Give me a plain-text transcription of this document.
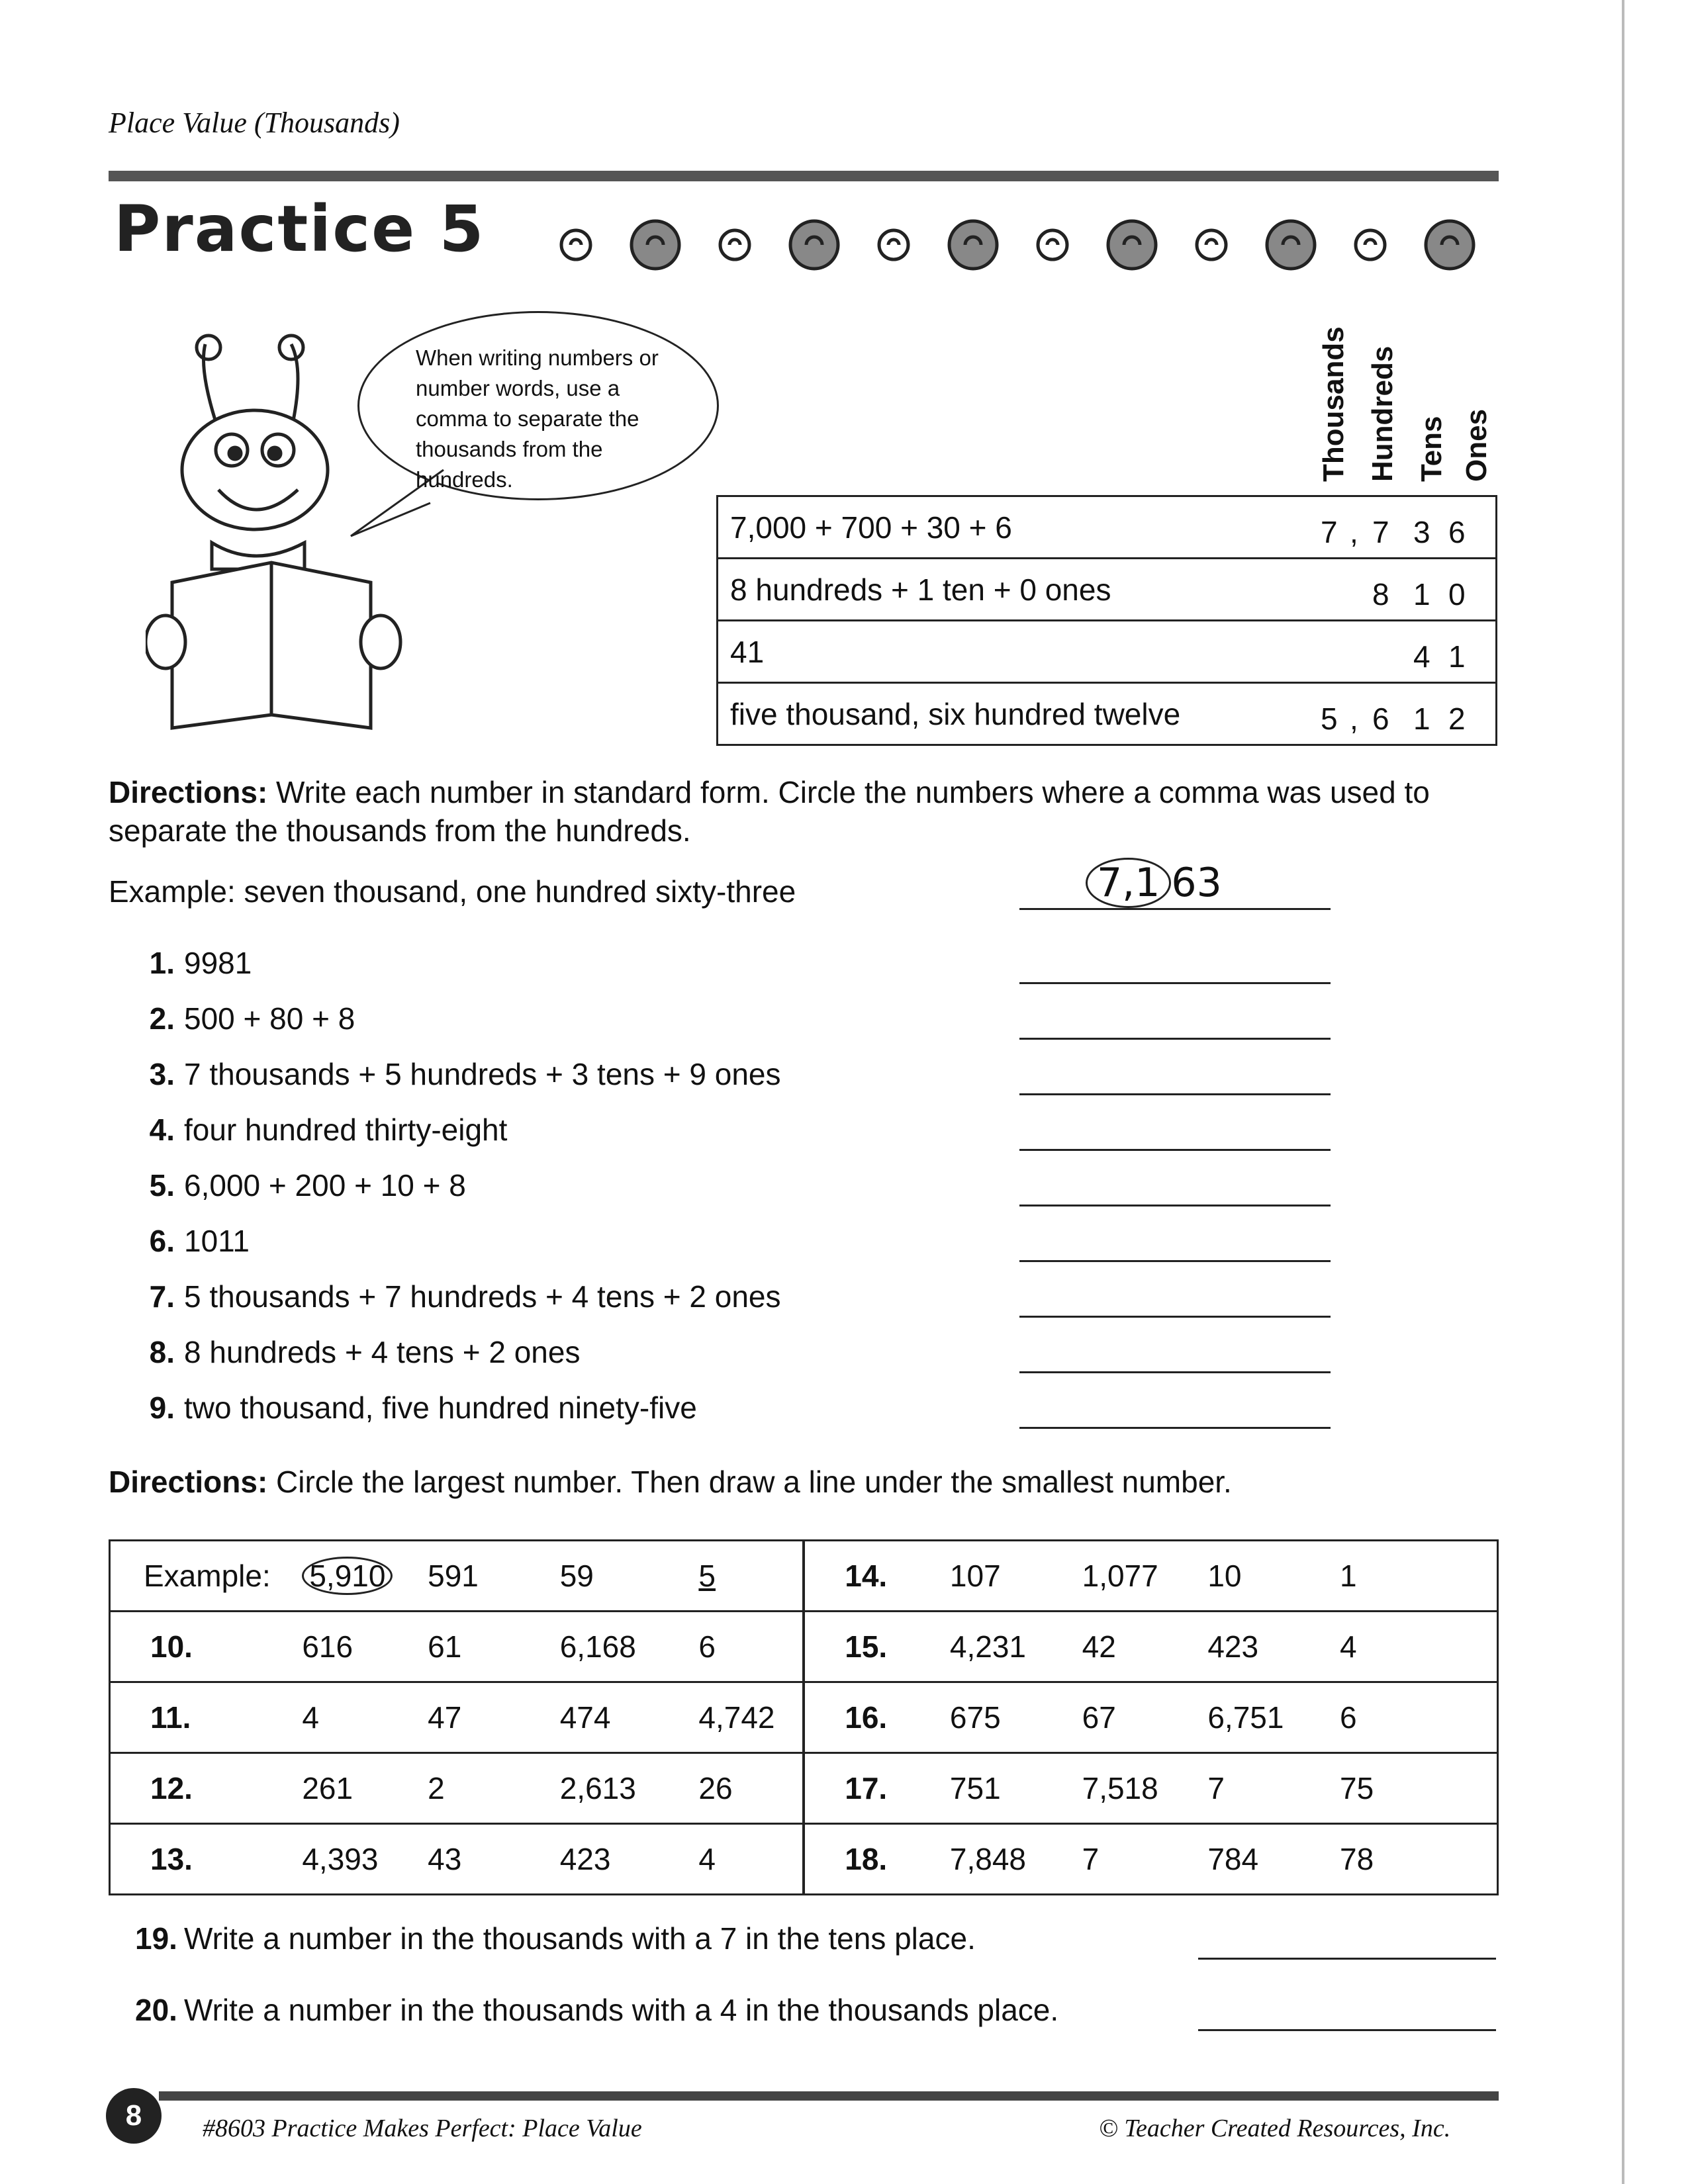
Place Value (Thousands)
Practice 5
When writing numbers or number words, use a comma to separate the thousands from the hundreds.	Thousands Hundreds Tens Ones
7,000 + 700 + 30 + 6	7 , 7 3 6

8 hundreds + 1 ten + 0 ones	8 1 0

41	4 1

five thousand, six hundred twelve	5 , 6 1 2
Directions: Write each number in standard form. Circle the numbers where a comma was used to separate the thousands from the hundreds.
Example: seven thousand, one hundred sixty-three	7,1 63
1. 9981
2. 500 + 80 + 8
3. 7 thousands + 5 hundreds + 3 tens + 9 ones
4. four hundred thirty-eight
5. 6,000 + 200 + 10 + 8
6. 1011
7. 5 thousands + 7 hundreds + 4 tens + 2 ones
8. 8 hundreds + 4 tens + 2 ones
9. two thousand, five hundred ninety-five
Directions: Circle the largest number. Then draw a line under the smallest number.
Example:	5,910	591	59	5	14.	107	1,077	10	1
10.	616	61	6,168	6	15.	4,231	42	423	4
11.	4	47	474	4,742	16.	675	67	6,751	6
12.	261	2	2,613	26	17.	751	7,518	7	75
13.	4,393	43	423	4	18.	7,848	7	784	78
19. Write a number in the thousands with a 7 in the tens place.
20. Write a number in the thousands with a 4 in the thousands place.
8	#8603 Practice Makes Perfect: Place Value	© Teacher Created Resources, Inc.
